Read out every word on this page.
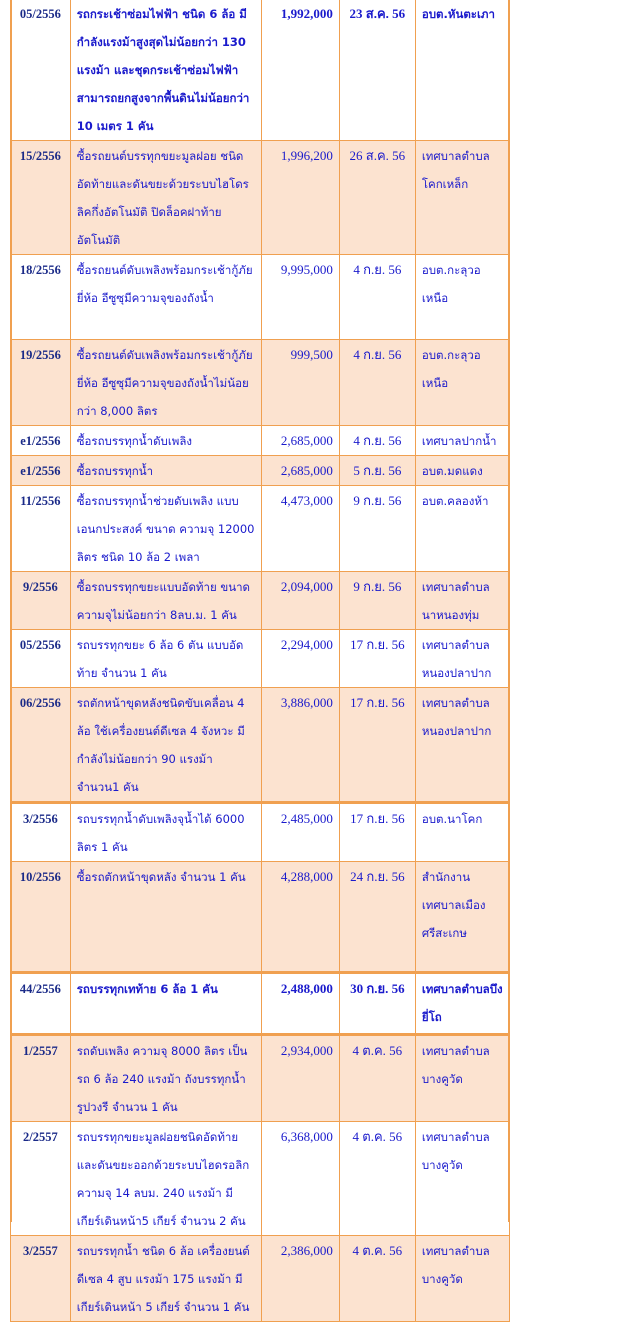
05/2556	รถกระเช้าซ่อมไฟฟ้า ชนิด 6 ล้อ มีกำลังแรงม้าสูงสุดไม่น้อยกว่า 130 แรงม้า และชุดกระเช้าซ่อมไฟฟ้าสามารถยกสูงจากพื้นดินไม่น้อยกว่า 10 เมตร 1 คัน	1,992,000	23 ส.ค. 56	อบต.หันตะเภา
15/2556	ซื้อรถยนต์บรรทุกขยะมูลฝอย ชนิดอัดท้ายและดันขยะด้วยระบบไฮโดรลิคกึ่งอัตโนมัติ ปิดล็อคฝาท้ายอัตโนมัติ	1,996,200	26 ส.ค. 56	เทศบาลตำบลโคกเหล็ก
18/2556	ซื้อรถยนต์ดับเพลิงพร้อมกระเช้ากู้ภัย ยี่ห้อ อีซูซุมีความจุของถังน้ำ	9,995,000	4 ก.ย. 56	อบต.กะลุวอเหนือ
19/2556	ซื้อรถยนต์ดับเพลิงพร้อมกระเช้ากู้ภัย ยี่ห้อ อีซูซุมีความจุของถังน้ำไม่น้อยกว่า 8,000 ลิตร	999,500	4 ก.ย. 56	อบต.กะลุวอเหนือ
e1/2556	ซื้อรถบรรทุกน้ำดับเพลิง	2,685,000	4 ก.ย. 56	เทศบาลปากน้ำ
e1/2556	ซื้อรถบรรทุกน้ำ	2,685,000	5 ก.ย. 56	อบต.มดแดง
11/2556	ซื้อรถบรรทุกน้ำช่วยดับเพลิง แบบเอนกประสงค์ ขนาด ความจุ 12000 ลิตร ชนิด 10 ล้อ 2 เพลา	4,473,000	9 ก.ย. 56	อบต.คลองห้า
9/2556	ซื้อรถบรรทุกขยะแบบอัดท้าย ขนาดความจุไม่น้อยกว่า 8ลบ.ม. 1 คัน	2,094,000	9 ก.ย. 56	เทศบาลตำบลนาหนองทุ่ม
05/2556	รถบรรทุกขยะ 6 ล้อ 6 ตัน แบบอัดท้าย จำนวน 1 คัน	2,294,000	17 ก.ย. 56	เทศบาลตำบลหนองปลาปาก
06/2556	รถตักหน้าขุดหลังชนิดขับเคลื่อน 4 ล้อ ใช้เครื่องยนต์ดีเซล 4 จังหวะ มีกำลังไม่น้อยกว่า 90 แรงม้า จำนวน1 คัน	3,886,000	17 ก.ย. 56	เทศบาลตำบลหนองปลาปาก
3/2556	รถบรรทุกน้ำดับเพลิงจุน้ำได้ 6000 ลิตร 1 คัน	2,485,000	17 ก.ย. 56	อบต.นาโคก
10/2556	ซื้อรถตักหน้าขุดหลัง จำนวน 1 คัน	4,288,000	24 ก.ย. 56	สำนักงานเทศบาลเมืองศรีสะเกษ
44/2556	รถบรรทุกเทท้าย 6 ล้อ 1 คัน	2,488,000	30 ก.ย. 56	เทศบาลตำบลบึงยี่โถ
1/2557	รถดับเพลิง ความจุ 8000 ลิตร เป็นรถ 6 ล้อ 240 แรงม้า ถังบรรทุกน้ำรูปวงรี จำนวน 1 คัน	2,934,000	4 ต.ค. 56	เทศบาลตำบลบางคูวัด
2/2557	รถบรรทุกขยะมูลฝอยชนิดอัดท้าย และดันขยะออกด้วยระบบไฮดรอลิก ความจุ 14 ลบม. 240 แรงม้า มีเกียร์เดินหน้า5 เกียร์ จำนวน 2 คัน	6,368,000	4 ต.ค. 56	เทศบาลตำบลบางคูวัด
3/2557	รถบรรทุกน้ำ ชนิด 6 ล้อ เครื่องยนต์ดีเซล 4 สูบ แรงม้า 175 แรงม้า มีเกียร์เดินหน้า 5 เกียร์ จำนวน 1 คัน	2,386,000	4 ต.ค. 56	เทศบาลตำบลบางคูวัด
